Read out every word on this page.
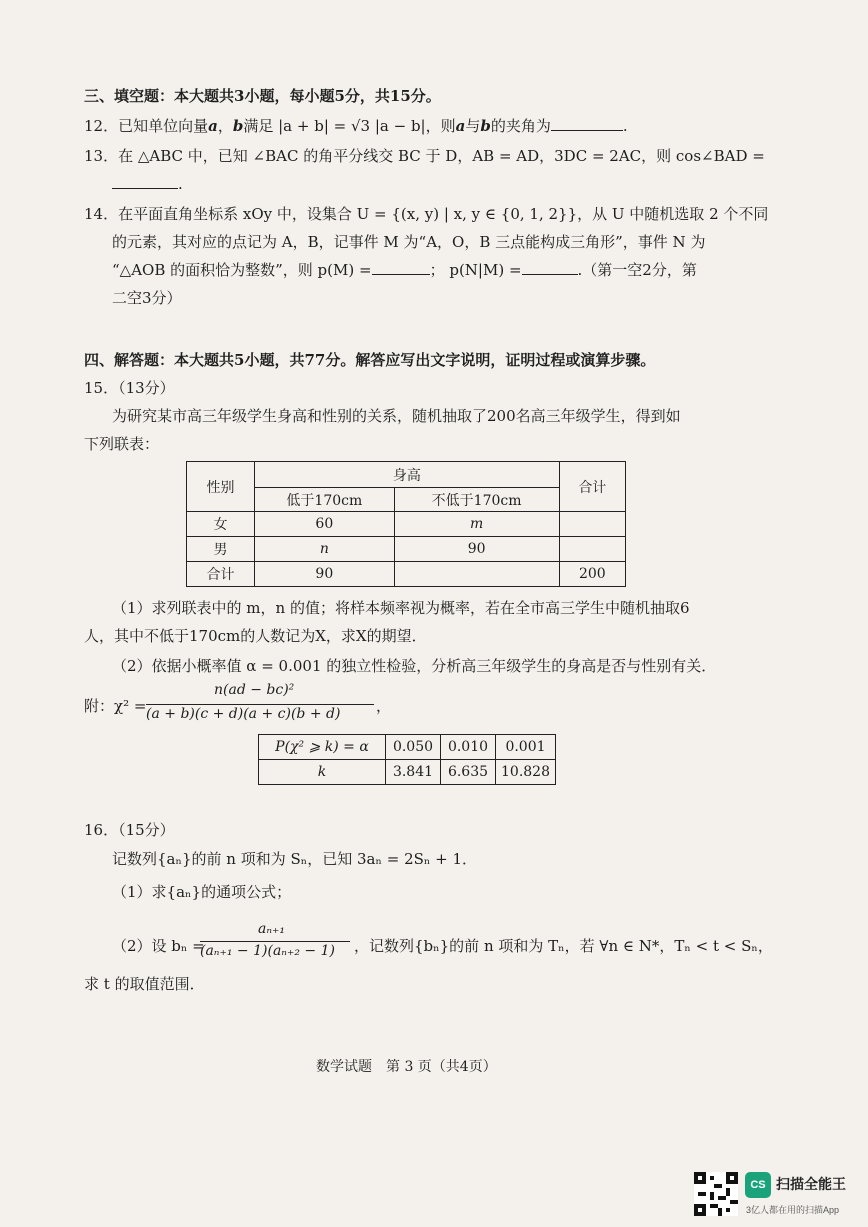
三、填空题：本大题共3小题，每小题5分，共15分。
12．已知单位向量a，b满足 |a + b| = √3 |a − b|，则a与b的夹角为	.
13．在 △ABC 中，已知 ∠BAC 的角平分线交 BC 于 D，AB = AD，3DC = 2AC，则 cos∠BAD =
.
14．在平面直角坐标系 xOy 中，设集合 U = {(x, y) | x, y ∈ {0, 1, 2}}，从 U 中随机选取 2 个不同
的元素，其对应的点记为 A，B，记事件 M 为“A，O，B 三点能构成三角形”，事件 N 为
“△AOB 的面积恰为整数”，则 p(M) =	； p(N|M) =	.（第一空2分，第
二空3分）
四、解答题：本大题共5小题，共77分。解答应写出文字说明，证明过程或演算步骤。
15．（13分）
为研究某市高三年级学生身高和性别的关系，随机抽取了200名高三年级学生，得到如
下列联表：
性别	身高		合计
	低于170cm	不低于170cm	
女	60	m	
男	n	90	
合计	90		200
（1）求列联表中的 m，n 的值；将样本频率视为概率，若在全市高三学生中随机抽取6
人，其中不低于170cm的人数记为X，求X的期望．
（2）依据小概率值 α = 0.001 的独立性检验，分析高三年级学生的身高是否与性别有关．
附：χ² =
n(ad − bc)²
(a + b)(c + d)(a + c)(b + d) ，
P(χ² ⩾ k) = α	0.050	0.010	0.001
k	3.841	6.635	10.828
16．（15分）
记数列{aₙ}的前 n 项和为 Sₙ，已知 3aₙ = 2Sₙ + 1．
（1）求{aₙ}的通项公式；
（2）设 bₙ =
aₙ₊₁
(aₙ₊₁ − 1)(aₙ₊₂ − 1) ，记数列{bₙ}的前 n 项和为 Tₙ，若 ∀n ∈ N*，Tₙ < t < Sₙ，
求 t 的取值范围．
数学试题　第 3 页（共4页）
CS 扫描全能王
3亿人都在用的扫描App
